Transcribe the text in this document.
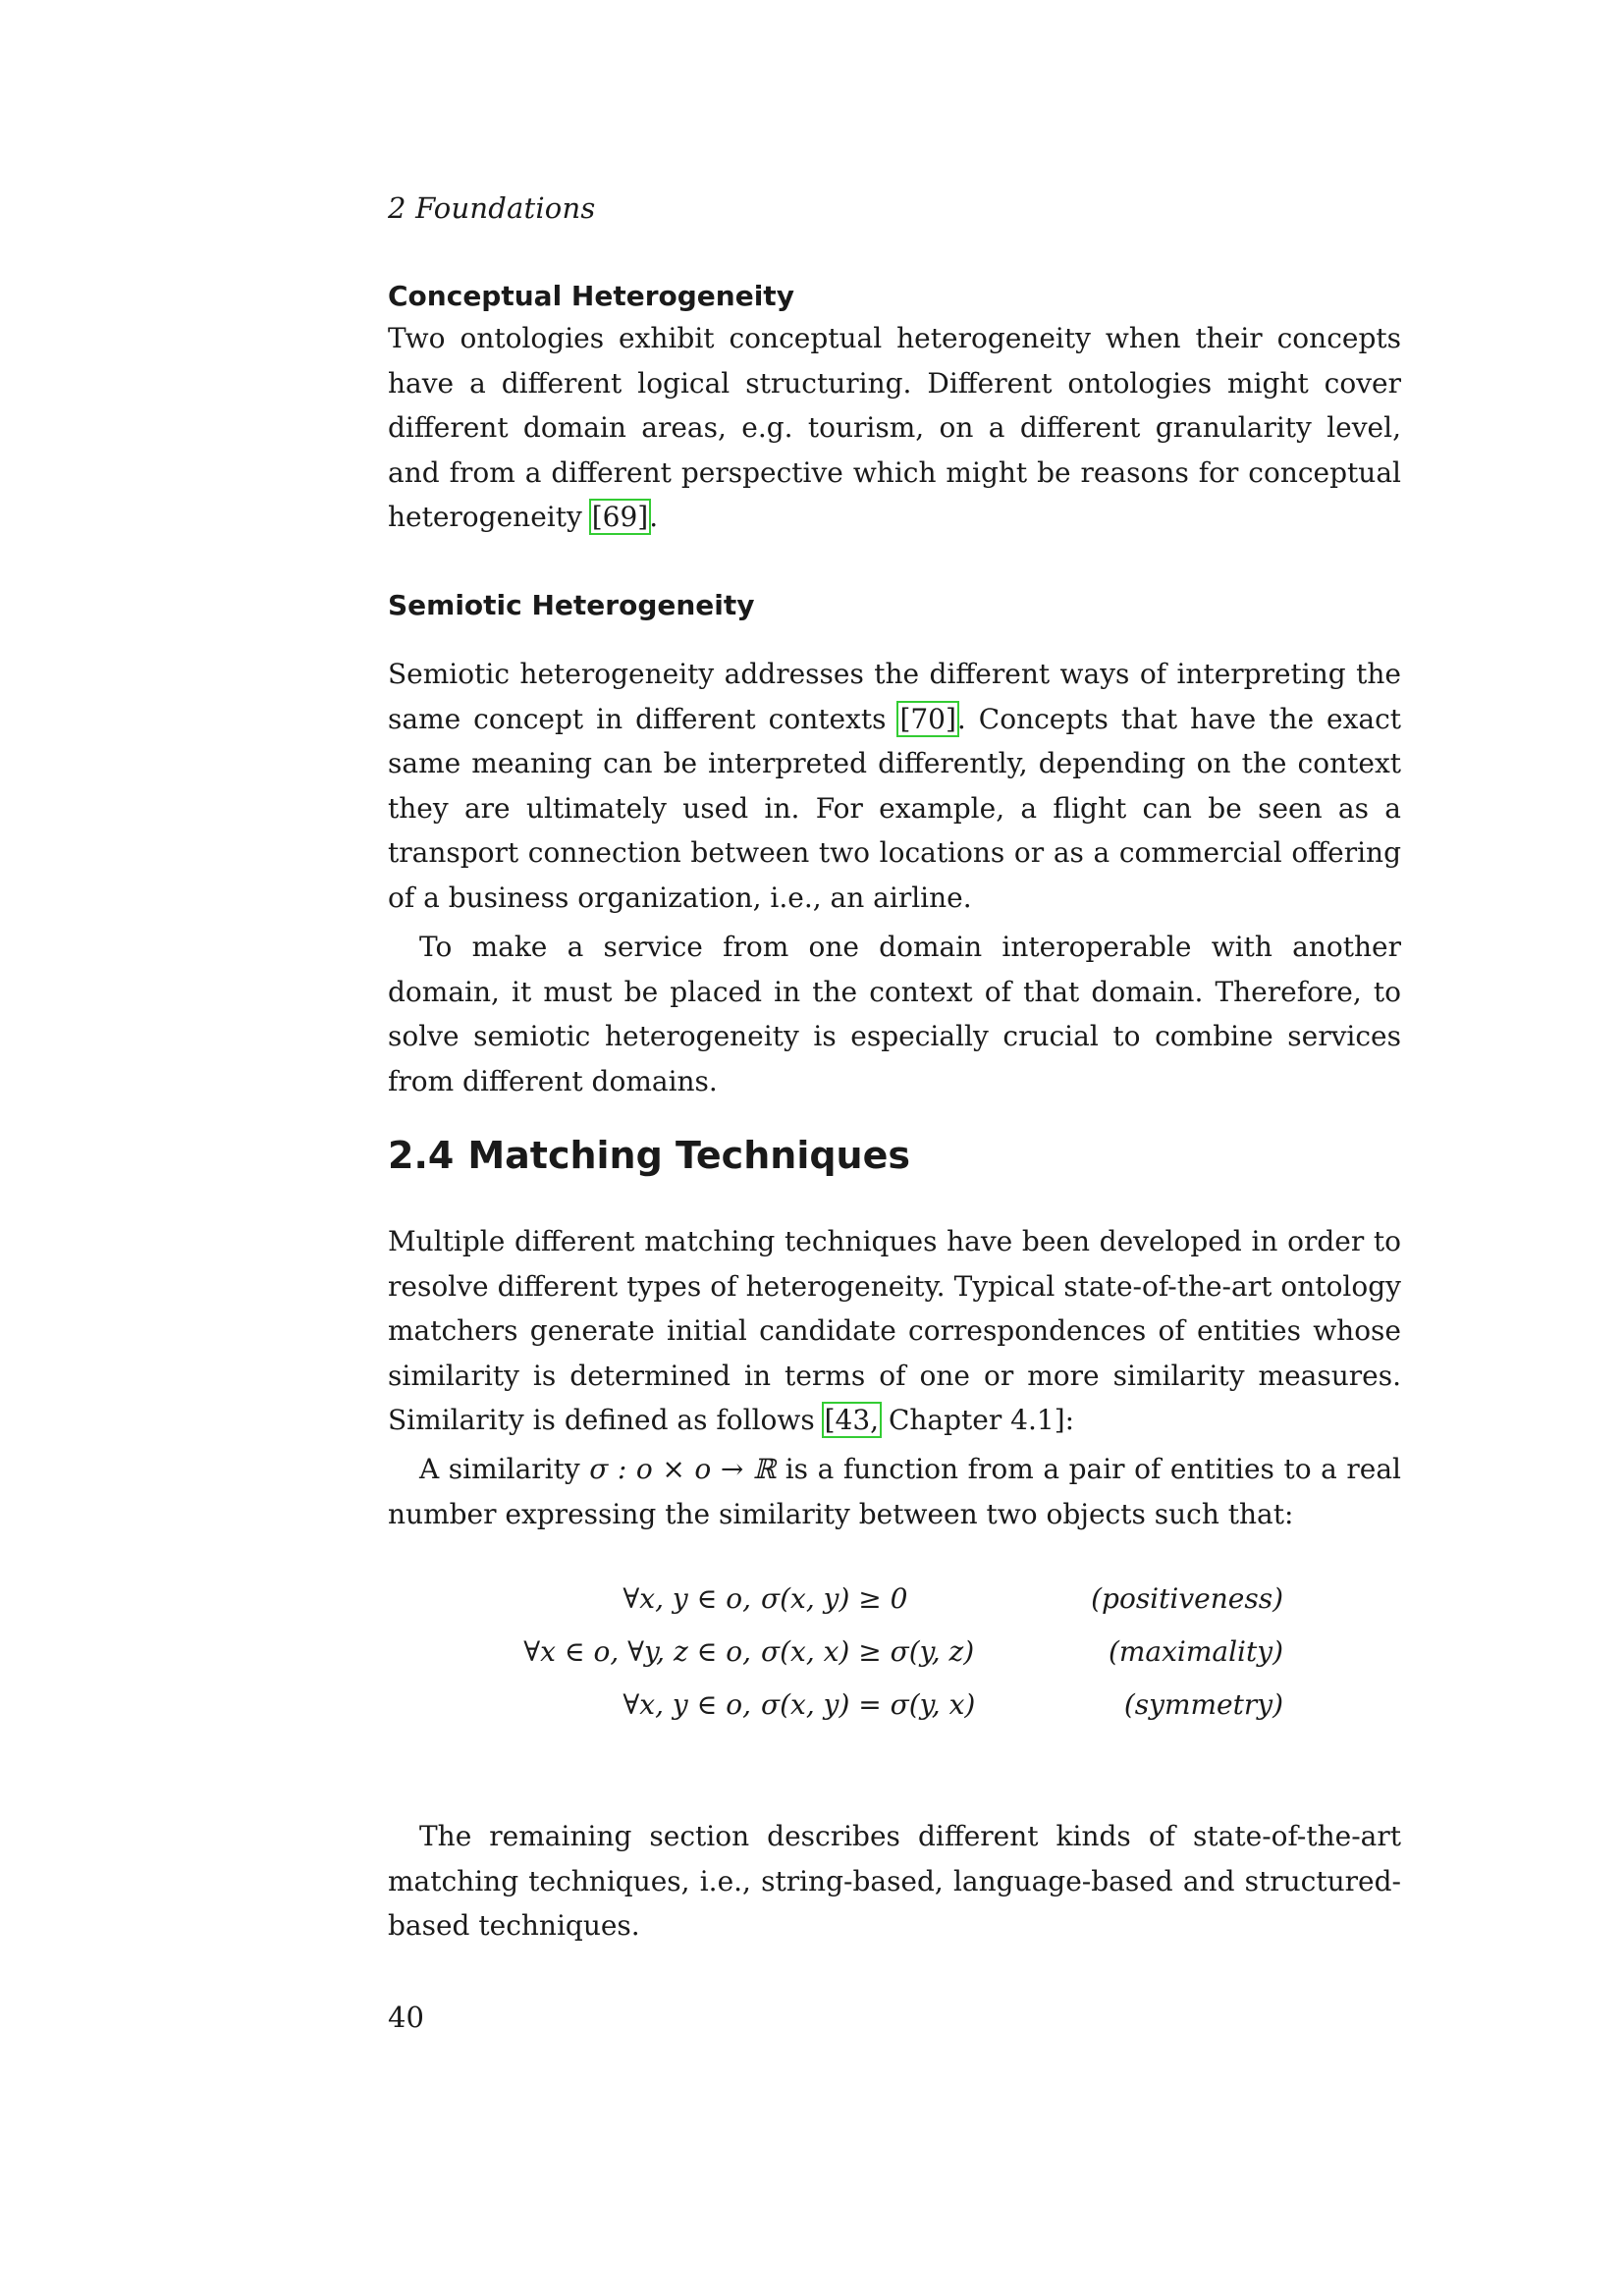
2 Foundations
Conceptual Heterogeneity

Two ontologies exhibit conceptual heterogeneity when their concepts have a different logical structuring. Different ontologies might cover different domain areas, e.g. tourism, on a different granularity level, and from a different perspective which might be reasons for conceptual heterogeneity [69].

Semiotic Heterogeneity

Semiotic heterogeneity addresses the different ways of interpreting the same concept in different contexts [70]. Concepts that have the exact same meaning can be interpreted differently, depending on the context they are ultimately used in. For example, a flight can be seen as a transport connection between two locations or as a commercial offering of a business organization, i.e., an airline.

To make a service from one domain interoperable with another domain, it must be placed in the context of that domain. Therefore, to solve semiotic heterogeneity is especially crucial to combine services from different domains.

2.4 Matching Techniques

Multiple different matching techniques have been developed in order to resolve different types of heterogeneity. Typical state-of-the-art ontology matchers generate initial candidate correspondences of entities whose similarity is determined in terms of one or more similarity measures. Similarity is defined as follows [43, Chapter 4.1]:

A similarity σ : o × o → ℝ is a function from a pair of entities to a real number expressing the similarity between two objects such that:

∀x, y ∈ o, σ(x, y) ≥ 0	(positiveness)
∀x ∈ o, ∀y, z ∈ o, σ(x, x) ≥ σ(y, z)	(maximality)
∀x, y ∈ o, σ(x, y) = σ(y, x)	(symmetry)

The remaining section describes different kinds of state-of-the-art matching techniques, i.e., string-based, language-based and structured-based techniques.

40
